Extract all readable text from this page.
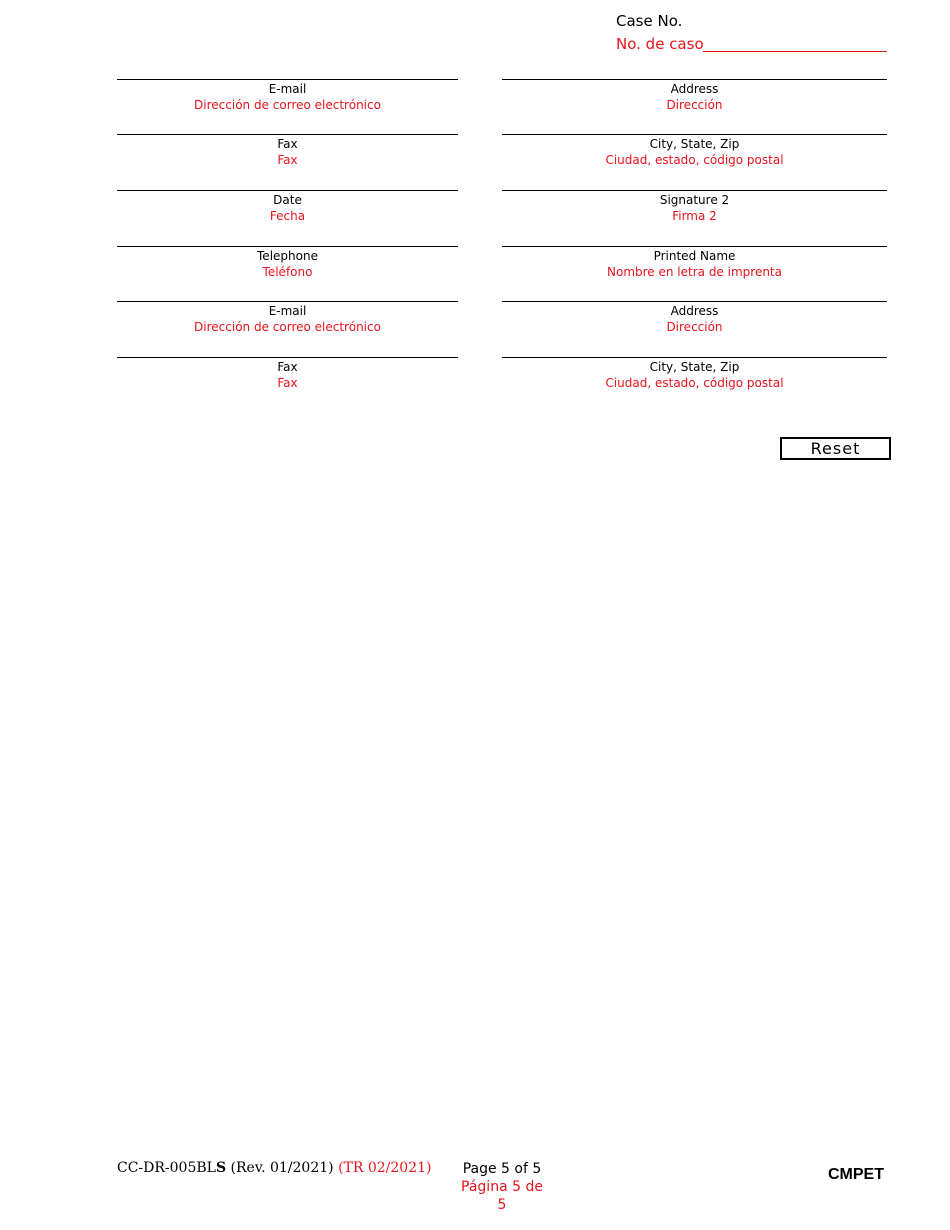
Case No.
No. de caso
E-mail
Dirección de correo electrónico
Fax
Fax
Date
Fecha
Telephone
Teléfono
E-mail
Dirección de correo electrónico
Fax
Fax
Address
Dirección
City, State, Zip
Ciudad, estado, código postal
Signature 2
Firma 2
Printed Name
Nombre en letra de imprenta
Address
Dirección
City, State, Zip
Ciudad, estado, código postal
Reset
CC-DR-005BLS (Rev. 01/2021) (TR 02/2021)	Page 5 of 5
Página 5 de 5
CMPET
